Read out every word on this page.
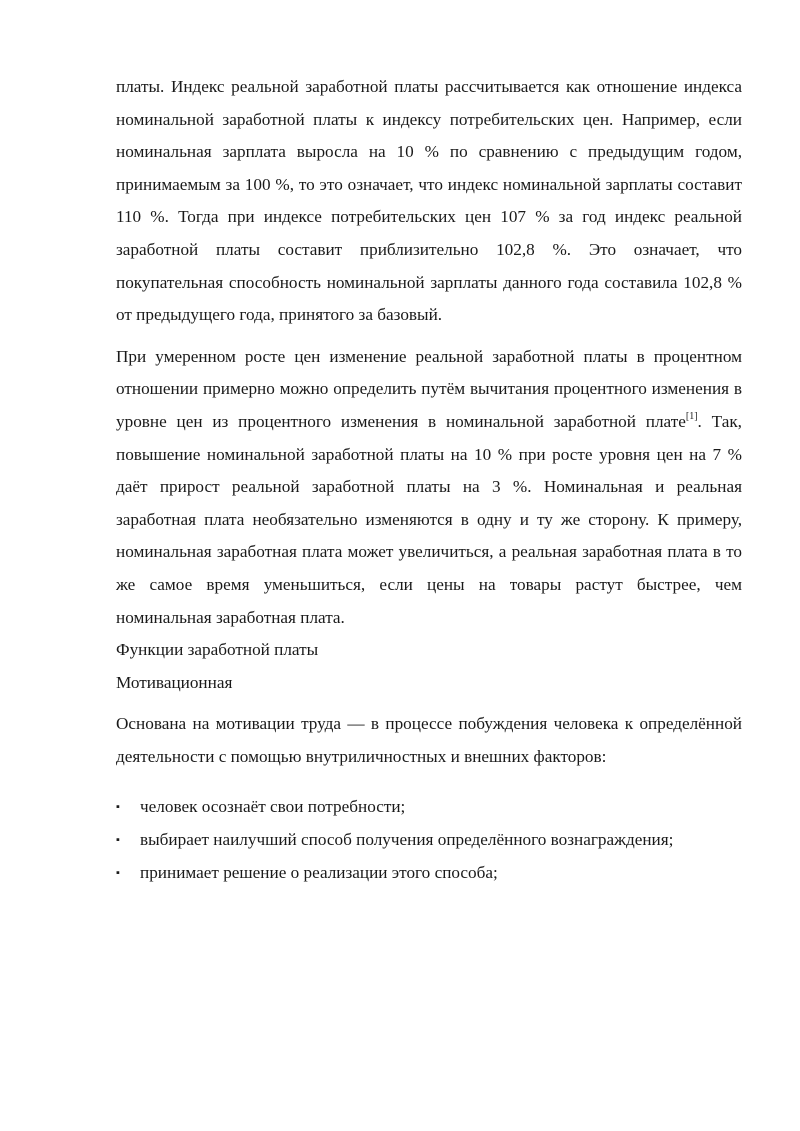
платы. Индекс реальной заработной платы рассчитывается как отношение индекса номинальной заработной платы к индексу потребительских цен. Например, если номинальная зарплата выросла на 10 % по сравнению с предыдущим годом, принимаемым за 100 %, то это означает, что индекс номинальной зарплаты составит 110 %. Тогда при индексе потребительских цен 107 % за год индекс реальной заработной платы составит приблизительно 102,8 %. Это означает, что покупательная способность номинальной зарплаты данного года составила 102,8 % от предыдущего года, принятого за базовый.

При умеренном росте цен изменение реальной заработной платы в процентном отношении примерно можно определить путём вычитания процентного изменения в уровне цен из процентного изменения в номинальной заработной плате[1]. Так, повышение номинальной заработной платы на 10 % при росте уровня цен на 7 % даёт прирост реальной заработной платы на 3 %. Номинальная и реальная заработная плата необязательно изменяются в одну и ту же сторону. К примеру, номинальная заработная плата может увеличиться, а реальная заработная плата в то же самое время уменьшиться, если цены на товары растут быстрее, чем номинальная заработная плата.

Функции заработной платы

Мотивационная

Основана на мотивации труда — в процессе побуждения человека к определённой деятельности с помощью внутриличностных и внешних факторов:

▪ человек осознаёт свои потребности;
▪ выбирает наилучший способ получения определённого вознаграждения;
▪ принимает решение о реализации этого способа;
